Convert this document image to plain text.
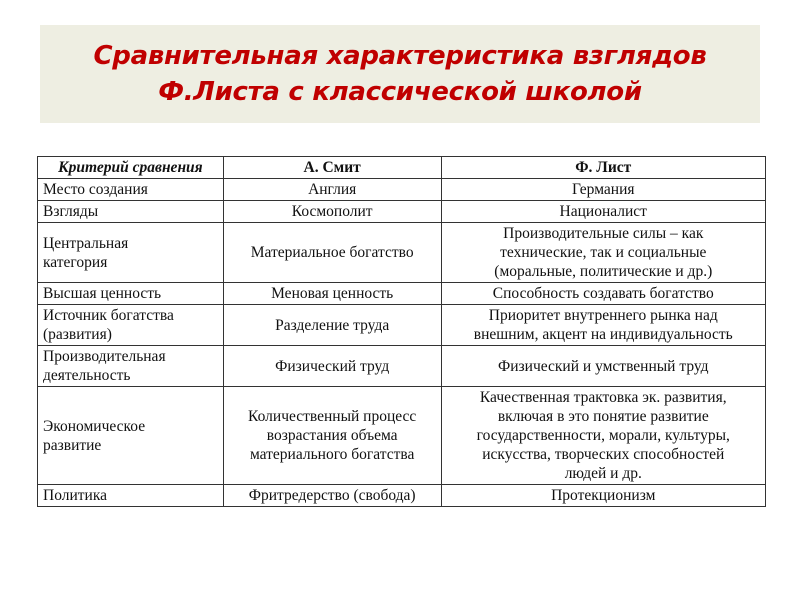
Сравнительная характеристика взглядов
Ф.Листа с классической школой
Критерий сравнения	А. Смит	Ф. Лист

Место создания	Англия	Германия

Взгляды	Космополит	Националист

Центральная
категория	Материальное богатство	Производительные силы – как
технические, так и социальные
(моральные, политические и др.)

Высшая ценность	Меновая ценность	Способность создавать богатство

Источник богатства
(развития)	Разделение труда	Приоритет внутреннего рынка над
внешним, акцент на индивидуальность

Производительная
деятельность	Физический труд	Физический и умственный труд

Экономическое
развитие	Количественный процесс
возрастания объема
материального богатства	Качественная трактовка эк. развития,
включая в это понятие развитие
государственности, морали, культуры,
искусства, творческих способностей
людей и др.

Политика	Фритредерство (свобода)	Протекционизм
